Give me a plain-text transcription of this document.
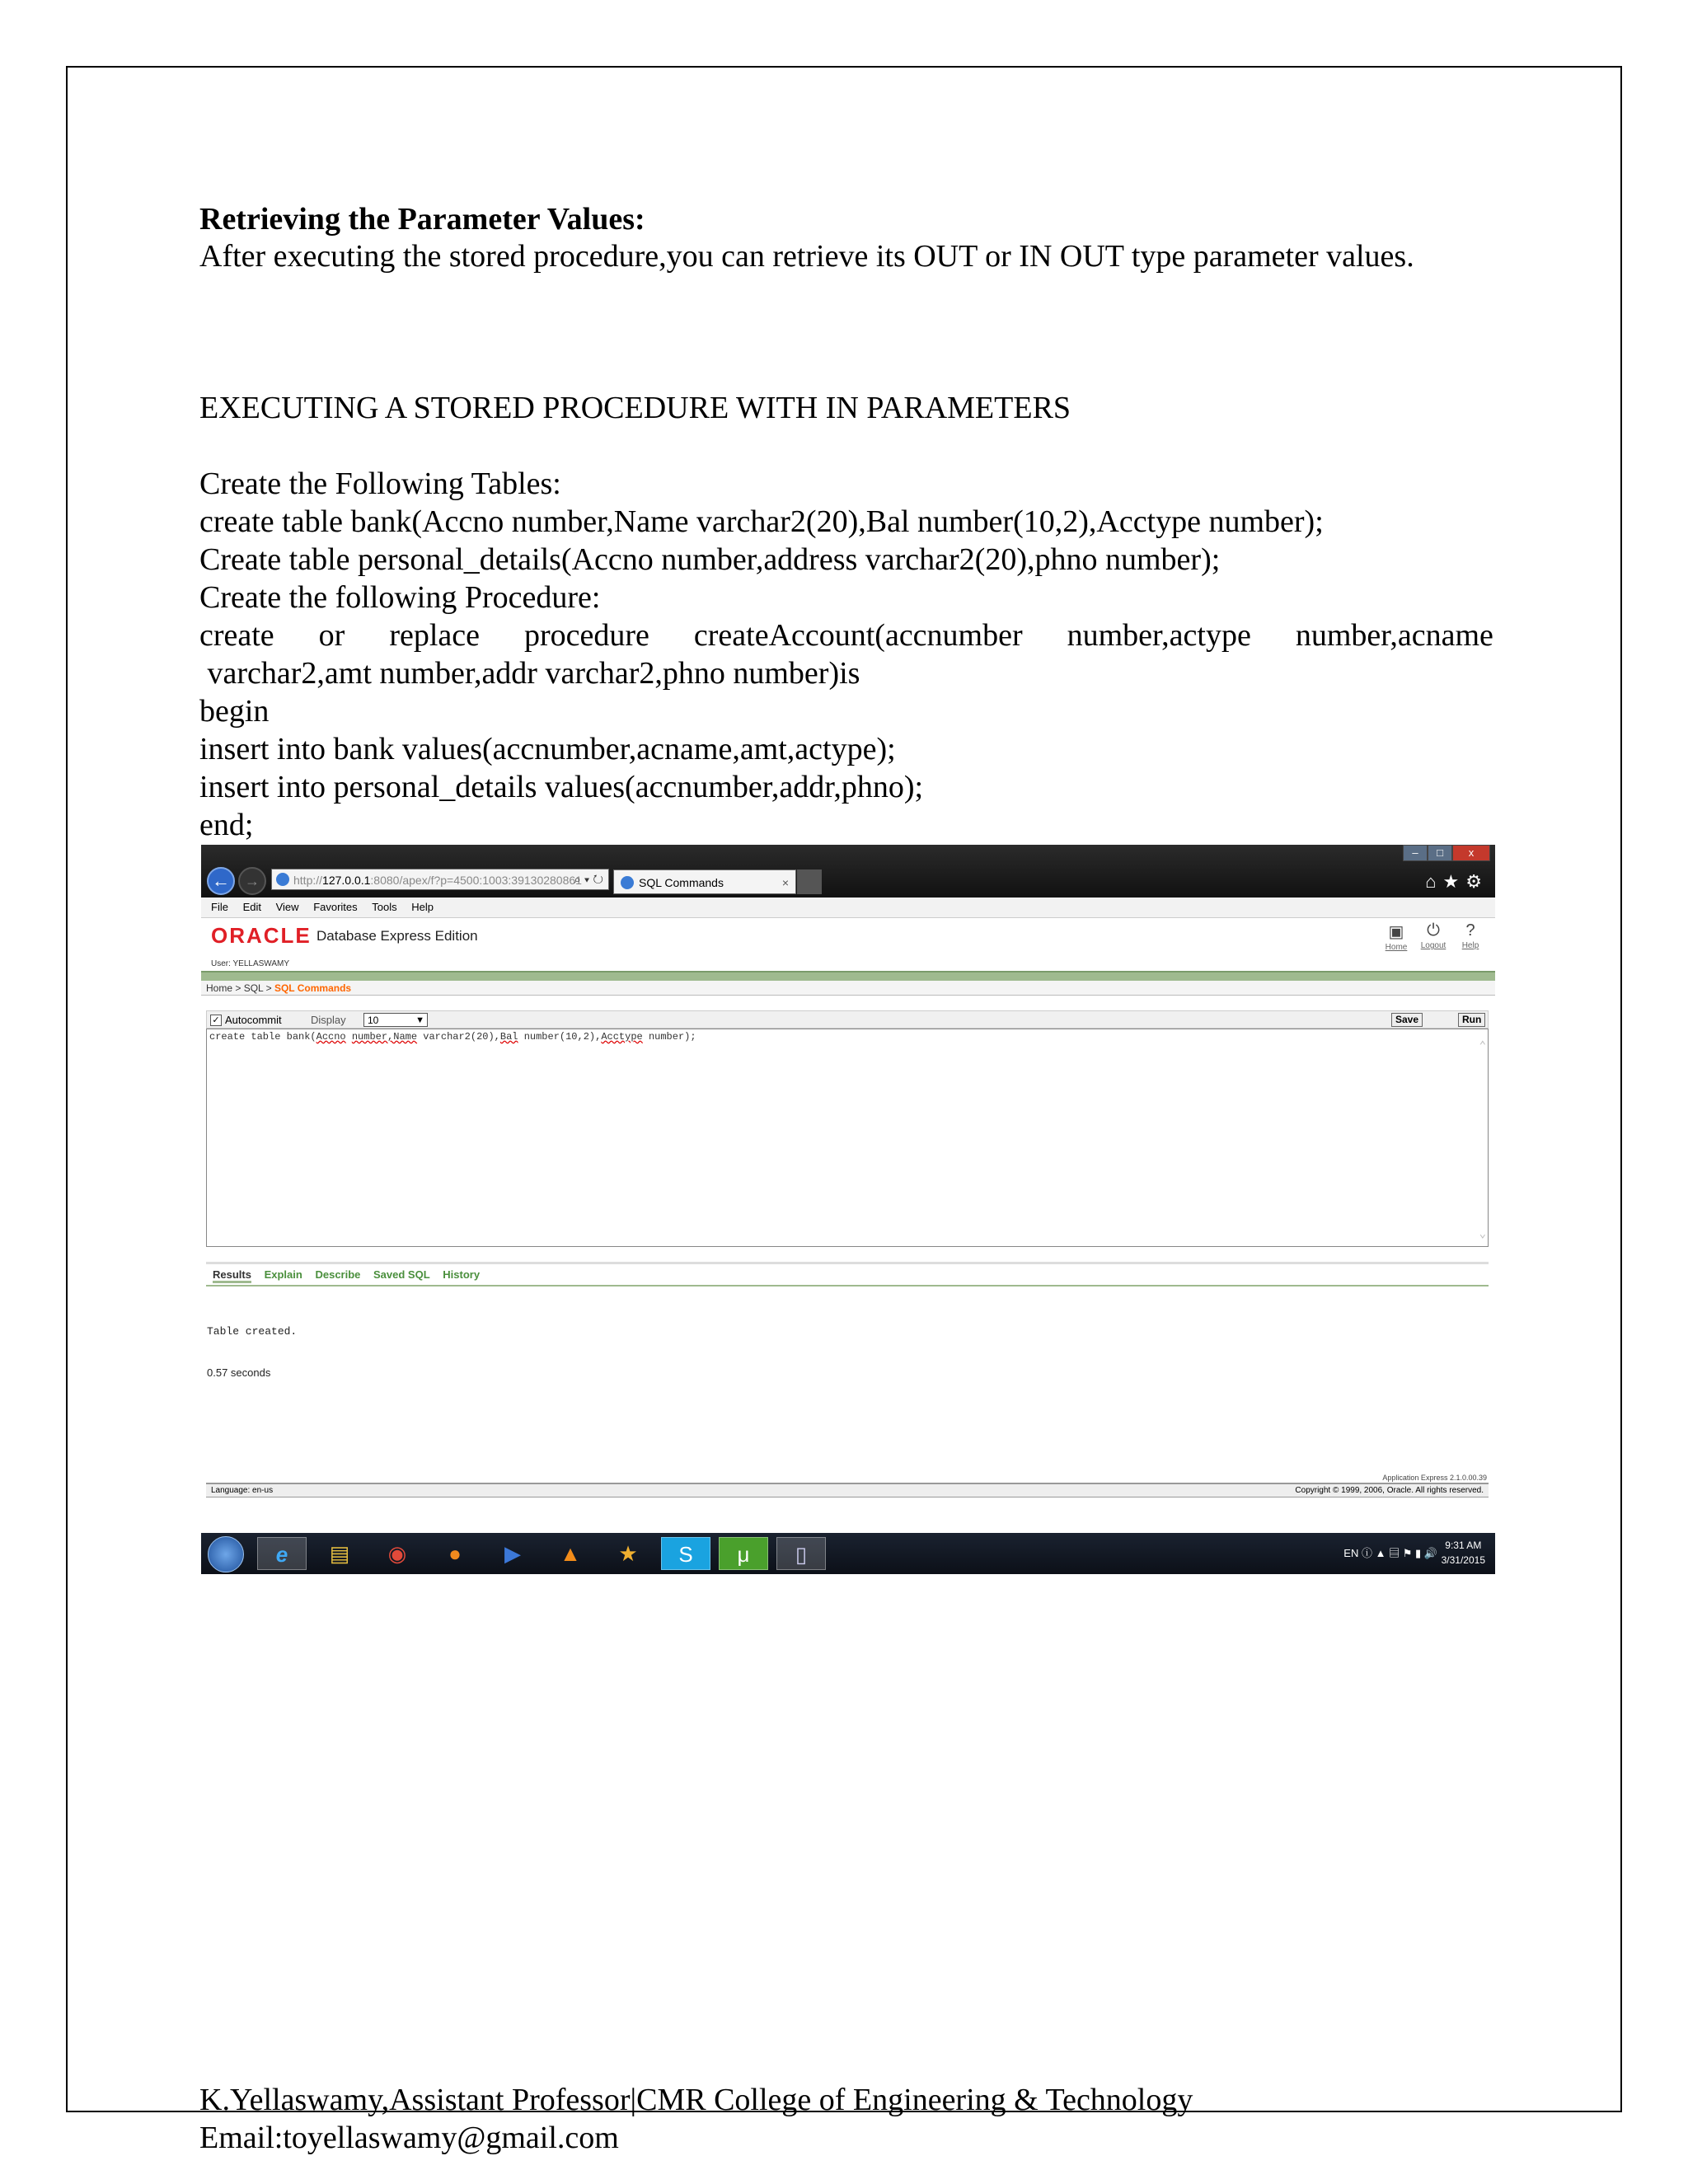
Retrieving the Parameter Values:
After executing the stored procedure,you can retrieve its OUT or IN OUT type parameter values.
EXECUTING A STORED PROCEDURE WITH IN PARAMETERS
Create the Following Tables:
create table bank(Accno number,Name varchar2(20),Bal number(10,2),Acctype number);
Create table personal_details(Accno number,address varchar2(20),phno number);
Create the following Procedure:
create or replace procedure createAccount(accnumber number,actype number,acname
varchar2,amt number,addr varchar2,phno number)is
begin
insert into bank values(accnumber,acname,amt,actype);
insert into personal_details values(accnumber,addr,phno);
end;
←	→	http://127.0.0.1:8080/apex/f?p=4500:1003:39130280861
⌕ ▾ ↻	SQL Commands	×
–	□	x
⌂★⚙
File Edit View Favorites Tools Help
ORACLE Database Express Edition
User: YELLASWAMY
▣
Home
⏻
Logout
?
Help
Home > SQL > SQL Commands
✓ Autocommit	Display	10	▼	Save	Run
create table bank(Accno number,Name varchar2(20),Bal number(10,2),Acctype number);
⌃
⌄
Results Explain Describe Saved SQL History
Table created.
0.57 seconds
Application Express 2.1.0.00.39
Language: en-us	Copyright © 1999, 2006, Oracle. All rights reserved.
e	▤	◉	●	▶	▲	★	S	μ	▯	EN ⓘ ▲ ▤ ⚑ ▮ 🔊
9:31 AM
3/31/2015
K.Yellaswamy,Assistant Professor|CMR College of Engineering & Technology
Email:toyellaswamy@gmail.com
